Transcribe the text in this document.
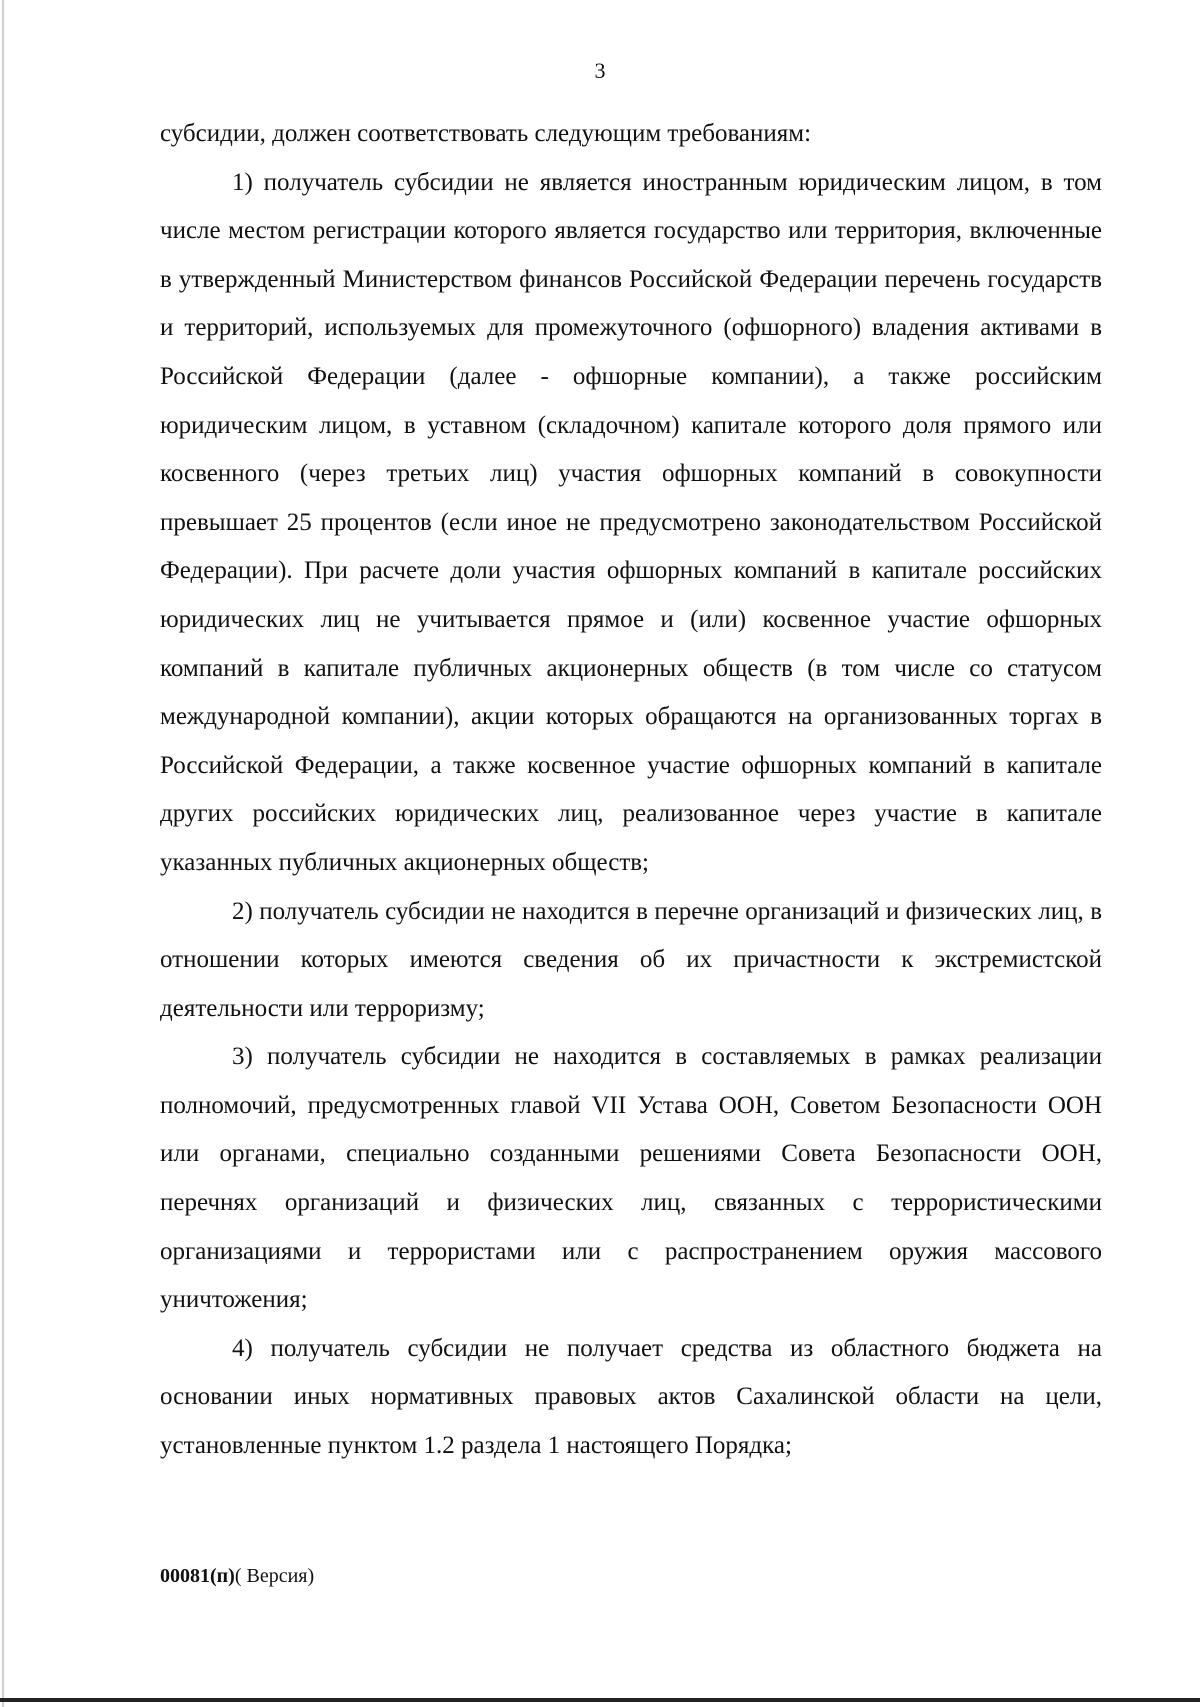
3

субсидии, должен соответствовать следующим требованиям:

1) получатель субсидии не является иностранным юридическим лицом, в том числе местом регистрации которого является государство или территория, включенные в утвержденный Министерством финансов Российской Федерации перечень государств и территорий, используемых для промежуточного (офшорного) владения активами в Российской Федерации (далее - офшорные компании), а также российским юридическим лицом, в уставном (складочном) капитале которого доля прямого или косвенного (через третьих лиц) участия офшорных компаний в совокупности превышает 25 процентов (если иное не предусмотрено законодательством Российской Федерации). При расчете доли участия офшорных компаний в капитале российских юридических лиц не учитывается прямое и (или) косвенное участие офшорных компаний в капитале публичных акционерных обществ (в том числе со статусом международной компании), акции которых обращаются на организованных торгах в Российской Федерации, а также косвенное участие офшорных компаний в капитале других российских юридических лиц, реализованное через участие в капитале указанных публичных акционерных обществ;

2) получатель субсидии не находится в перечне организаций и физических лиц, в отношении которых имеются сведения об их причастности к экстремистской деятельности или терроризму;

3) получатель субсидии не находится в составляемых в рамках реализации полномочий, предусмотренных главой VII Устава ООН, Советом Безопасности ООН или органами, специально созданными решениями Совета Безопасности ООН, перечнях организаций и физических лиц, связанных с террористическими организациями и террористами или с распространением оружия массового уничтожения;

4) получатель субсидии не получает средства из областного бюджета на основании иных нормативных правовых актов Сахалинской области на цели, установленные пунктом 1.2 раздела 1 настоящего Порядка;

00081(п)( Версия)
